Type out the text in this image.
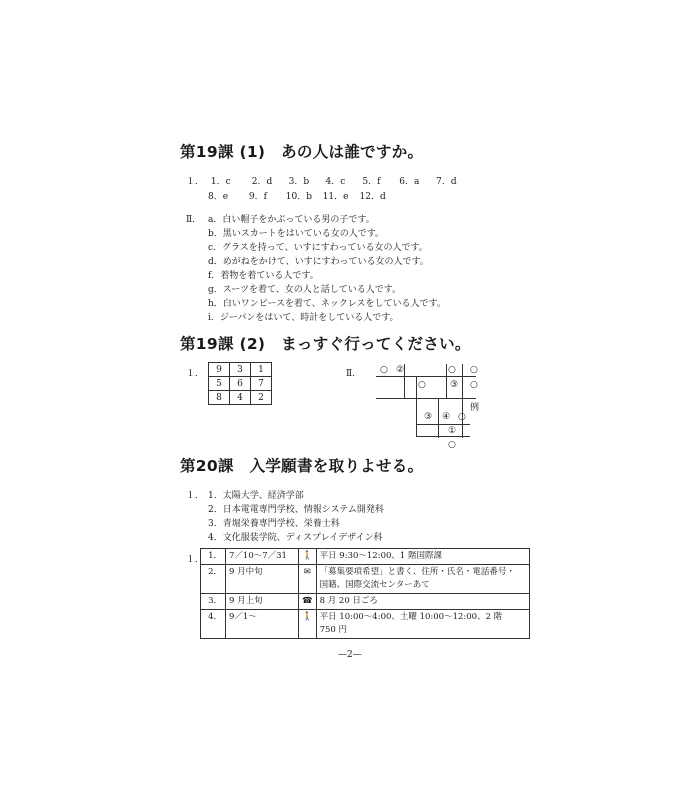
第19課 (1)　あの人は誰ですか。
１． 1．c 2．d 3．b 4．c 5．f 6．a 7．d
8．e 9．f 10．b 11．e 12．d
Ⅱ． a．白い帽子をかぶっている男の子です。
b．黒いスカートをはいている女の人です。
c．グラスを持って、いすにすわっている女の人です。
d．めがねをかけて、いすにすわっている女の人です。
f．着物を着ている人です。
g．スーツを着て、女の人と話している人です。
h．白いワンピースを着て、ネックレスをしている人です。
i．ジーパンをはいて、時計をしている人です。
第19課 (2)　まっすぐ行ってください。
１． 9	3	1
5	6	7
8	4	2
Ⅱ． ○ ②	○ ○
○	③ ○
例
③ ④ ○
①
○
第20課　入学願書を取りよせる。
１． 1．太陽大学、経済学部
2．日本電電専門学校、情報システム開発科
3．青堀栄養専門学校、栄養士科
4．文化服装学院、ディスプレイデザイン科
１． 1．	7／10〜7／31	🚶	平日 9:30〜12:00、1 階国際課
2．	9 月中旬	✉	「募集要項希望」と書く、住所・氏名・電話番号・
国籍、国際交流センターあて
3．	9 月上旬	☎	8 月 20 日ごろ
4．	9／1〜	🚶	平日 10:00〜4:00、土曜 10:00〜12:00、2 階
750 円
—2—
